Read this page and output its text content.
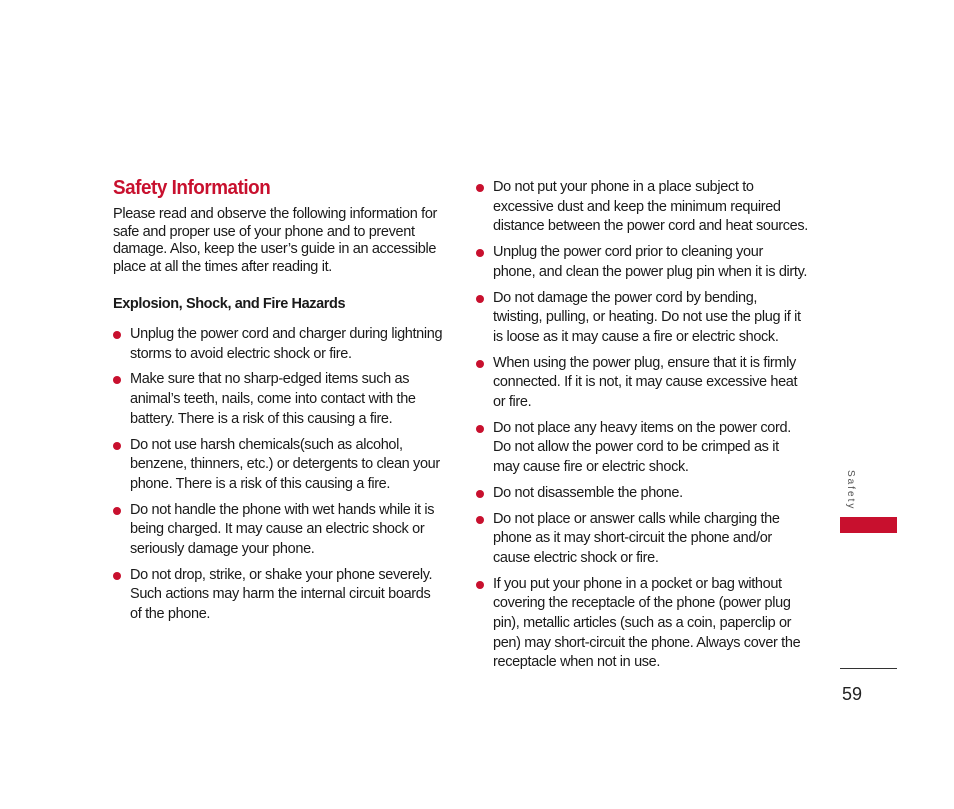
Safety Information

Please read and observe the following information for safe and proper use of your phone and to prevent damage. Also, keep the user’s guide in an accessible place at all the times after reading it.

Explosion, Shock, and Fire Hazards
Unplug the power cord and charger during lightning storms to avoid electric shock or fire.
Make sure that no sharp-edged items such as animal’s teeth, nails, come into contact with the battery. There is a risk of this causing a fire.
Do not use harsh chemicals(such as alcohol, benzene, thinners, etc.) or detergents to clean your phone. There is a risk of this causing a fire.
Do not handle the phone with wet hands while it is being charged. It may cause an electric shock or seriously damage your phone.
Do not drop, strike, or shake your phone severely. Such actions may harm the internal circuit boards of the phone.
Do not put your phone in a place subject to excessive dust and keep the minimum required distance between the power cord and heat sources.
Unplug the power cord prior to cleaning your phone, and clean the power plug pin when it is dirty.
Do not damage the power cord by bending, twisting, pulling, or heating. Do not use the plug if it is loose as it may cause a fire or electric shock.
When using the power plug, ensure that it is firmly connected. If it is not, it may cause excessive heat or fire.
Do not place any heavy items on the power cord. Do not allow the power cord to be crimped as it may cause fire or electric shock.
Do not disassemble the phone.
Do not place or answer calls while charging the phone as it may short-circuit the phone and/or cause electric shock or fire.
If you put your phone in a pocket or bag without covering the receptacle of the phone (power plug pin), metallic articles (such as a coin, paperclip or pen) may short-circuit the phone. Always cover the receptacle when not in use.
Safety
59
